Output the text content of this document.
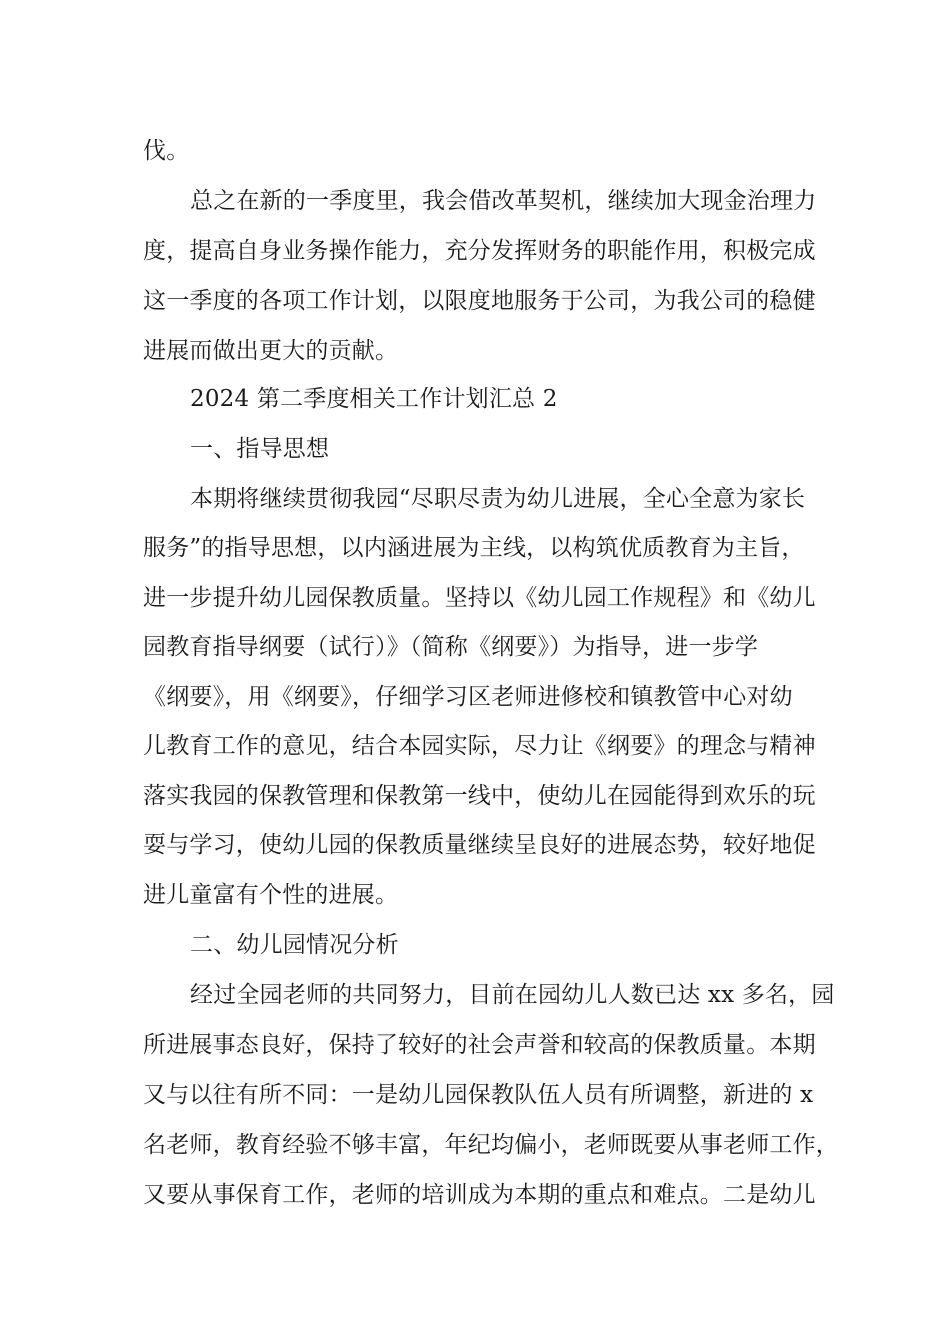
伐。
总之在新的一季度里，我会借改革契机，继续加大现金治理力
度，提高自身业务操作能力，充分发挥财务的职能作用，积极完成
这一季度的各项工作计划，以限度地服务于公司，为我公司的稳健
进展而做出更大的贡献。
2024 第二季度相关工作计划汇总 2
一、指导思想
本期将继续贯彻我园“尽职尽责为幼儿进展，全心全意为家长
服务”的指导思想，以内涵进展为主线，以构筑优质教育为主旨，
进一步提升幼儿园保教质量。坚持以《幼儿园工作规程》和《幼儿
园教育指导纲要（试行）》（简称《纲要》）为指导，进一步学
《纲要》，用《纲要》，仔细学习区老师进修校和镇教管中心对幼
儿教育工作的意见，结合本园实际，尽力让《纲要》的理念与精神
落实我园的保教管理和保教第一线中，使幼儿在园能得到欢乐的玩
耍与学习，使幼儿园的保教质量继续呈良好的进展态势，较好地促
进儿童富有个性的进展。
二、幼儿园情况分析
经过全园老师的共同努力，目前在园幼儿人数已达 xx 多名，园
所进展事态良好，保持了较好的社会声誉和较高的保教质量。本期
又与以往有所不同：一是幼儿园保教队伍人员有所调整，新进的 x
名老师，教育经验不够丰富，年纪均偏小，老师既要从事老师工作，
又要从事保育工作，老师的培训成为本期的重点和难点。二是幼儿
